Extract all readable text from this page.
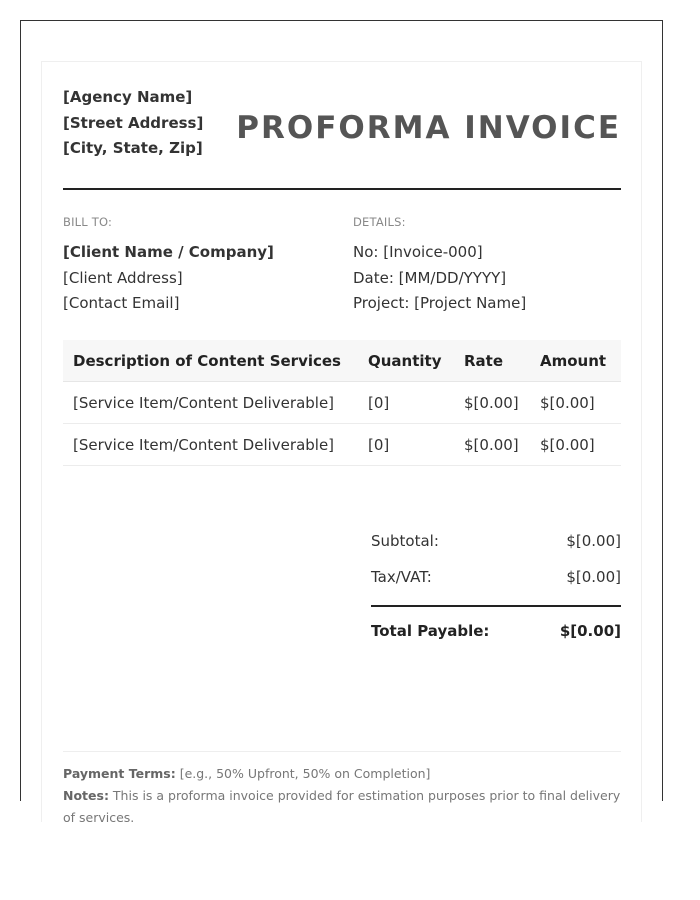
[Agency Name]
[Street Address]
[City, State, Zip]
PROFORMA INVOICE
BILL TO:
[Client Name / Company]
[Client Address]
[Contact Email]
DETAILS:
No: [Invoice-000]
Date: [MM/DD/YYYY]
Project: [Project Name]
Description of Content Services	Quantity	Rate	Amount
[Service Item/Content Deliverable]	[0]	$[0.00]	$[0.00]
[Service Item/Content Deliverable]	[0]	$[0.00]	$[0.00]
Subtotal:	$[0.00]
Tax/VAT:	$[0.00]
Total Payable:	$[0.00]
Payment Terms: [e.g., 50% Upfront, 50% on Completion]
Notes: This is a proforma invoice provided for estimation purposes prior to final delivery of services.
